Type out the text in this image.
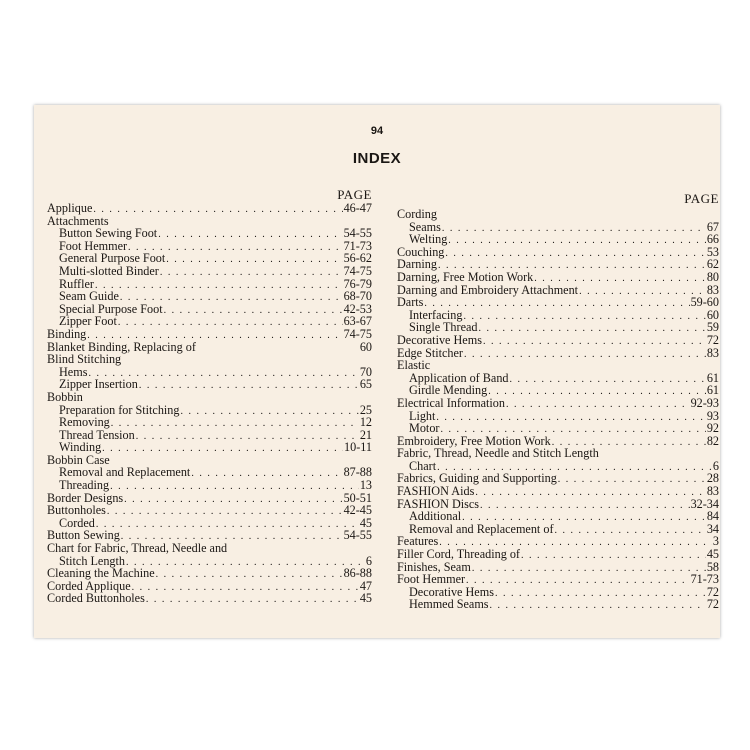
94
INDEX
PAGE
Applique . . .	46-47
Attachments
Button Sewing Foot . . .	54-55
Foot Hemmer . . .	71-73
General Purpose Foot . . .	56-62
Multi-slotted Binder . . .	74-75
Ruffler . . .	76-79
Seam Guide . . .	68-70
Special Purpose Foot . . .	42-53
Zipper Foot . . .	63-67
Binding . . .	74-75
Blanket Binding, Replacing of	60
Blind Stitching
Hems . . .	70
Zipper Insertion . . .	65
Bobbin
Preparation for Stitching . . .	25
Removing . . .	12
Thread Tension . . .	21
Winding . . .	10-11
Bobbin Case
Removal and Replacement . . .	87-88
Threading . . .	13
Border Designs . . .	50-51
Buttonholes . . .	42-45
Corded . . .	45
Button Sewing . . .	54-55
Chart for Fabric, Thread, Needle and
Stitch Length . . .	6
Cleaning the Machine . . .	86-88
Corded Applique . . .	47
Corded Buttonholes . . .	45
PAGE
Cording
Seams . . .	67
Welting . . .	66
Couching . . .	53
Darning . . .	62
Darning, Free Motion Work . . .	80
Darning and Embroidery Attachment . . .	83
Darts . . .	59-60
Interfacing . . .	60
Single Thread . . .	59
Decorative Hems . . .	72
Edge Stitcher . . .	83
Elastic
Application of Band . . .	61
Girdle Mending . . .	61
Electrical Information . . .	92-93
Light . . .	93
Motor . . .	92
Embroidery, Free Motion Work . . .	82
Fabric, Thread, Needle and Stitch Length
Chart . . .	6
Fabrics, Guiding and Supporting . . .	28
FASHION Aids . . .	83
FASHION Discs . . .	32-34
Additional . . .	84
Removal and Replacement of . . .	34
Features . . .	3
Filler Cord, Threading of . . .	45
Finishes, Seam . . .	58
Foot Hemmer . . .	71-73
Decorative Hems . . .	72
Hemmed Seams . . .	72
